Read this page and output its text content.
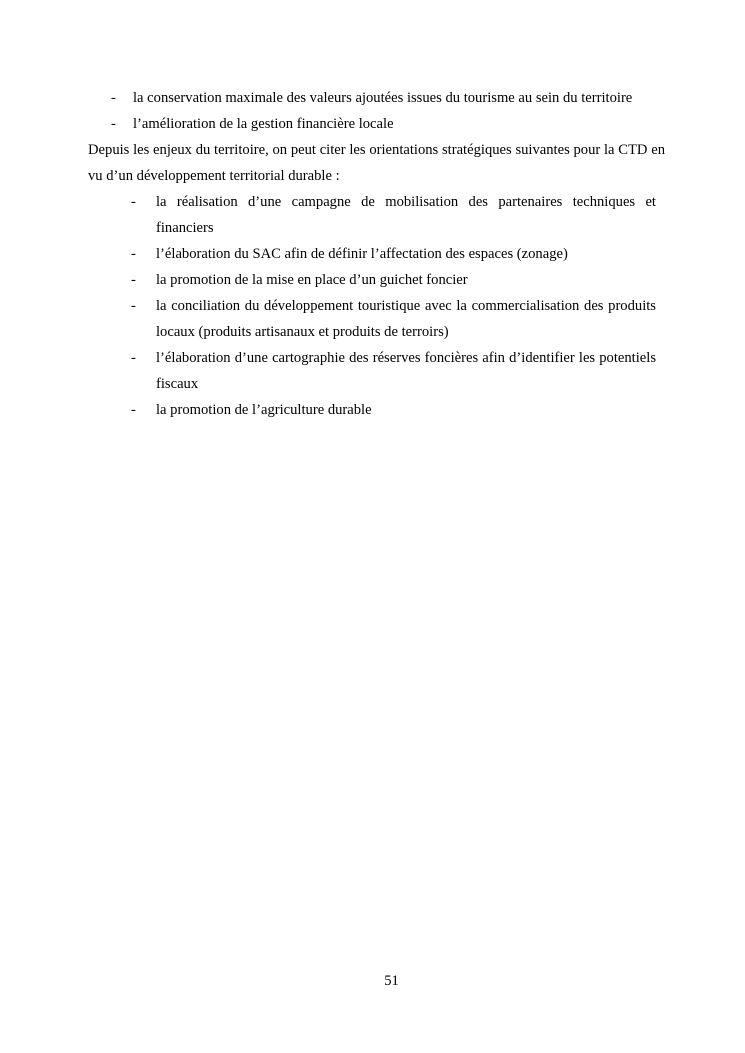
- la conservation maximale des valeurs ajoutées issues du tourisme au sein du territoire
- l’amélioration de la gestion financière locale

Depuis les enjeux du territoire, on peut citer les orientations stratégiques suivantes pour la CTD en vu d’un développement territorial durable :

- la réalisation d’une campagne de mobilisation des partenaires techniques et financiers
- l’élaboration du SAC afin de définir l’affectation des espaces (zonage)
- la promotion de la mise en place d’un guichet foncier
- la conciliation du développement touristique avec la commercialisation des produits locaux (produits artisanaux et produits de terroirs)
- l’élaboration d’une cartographie des réserves foncières afin d’identifier les potentiels fiscaux
- la promotion de l’agriculture durable
51
